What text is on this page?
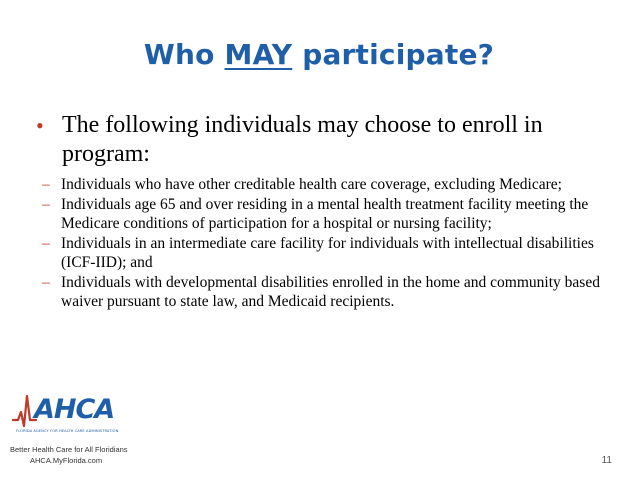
Who MAY participate?
• The following individuals may choose to enroll in program:
– Individuals who have other creditable health care coverage, excluding Medicare;
– Individuals age 65 and over residing in a mental health treatment facility meeting the Medicare conditions of participation for a hospital or nursing facility;
– Individuals in an intermediate care facility for individuals with intellectual disabilities (ICF-IID); and
– Individuals with developmental disabilities enrolled in the home and community based waiver pursuant to state law, and Medicaid recipients.
AHCA
FLORIDA AGENCY FOR HEALTH CARE ADMINISTRATION
Better Health Care for All Floridians
AHCA.MyFlorida.com	11
